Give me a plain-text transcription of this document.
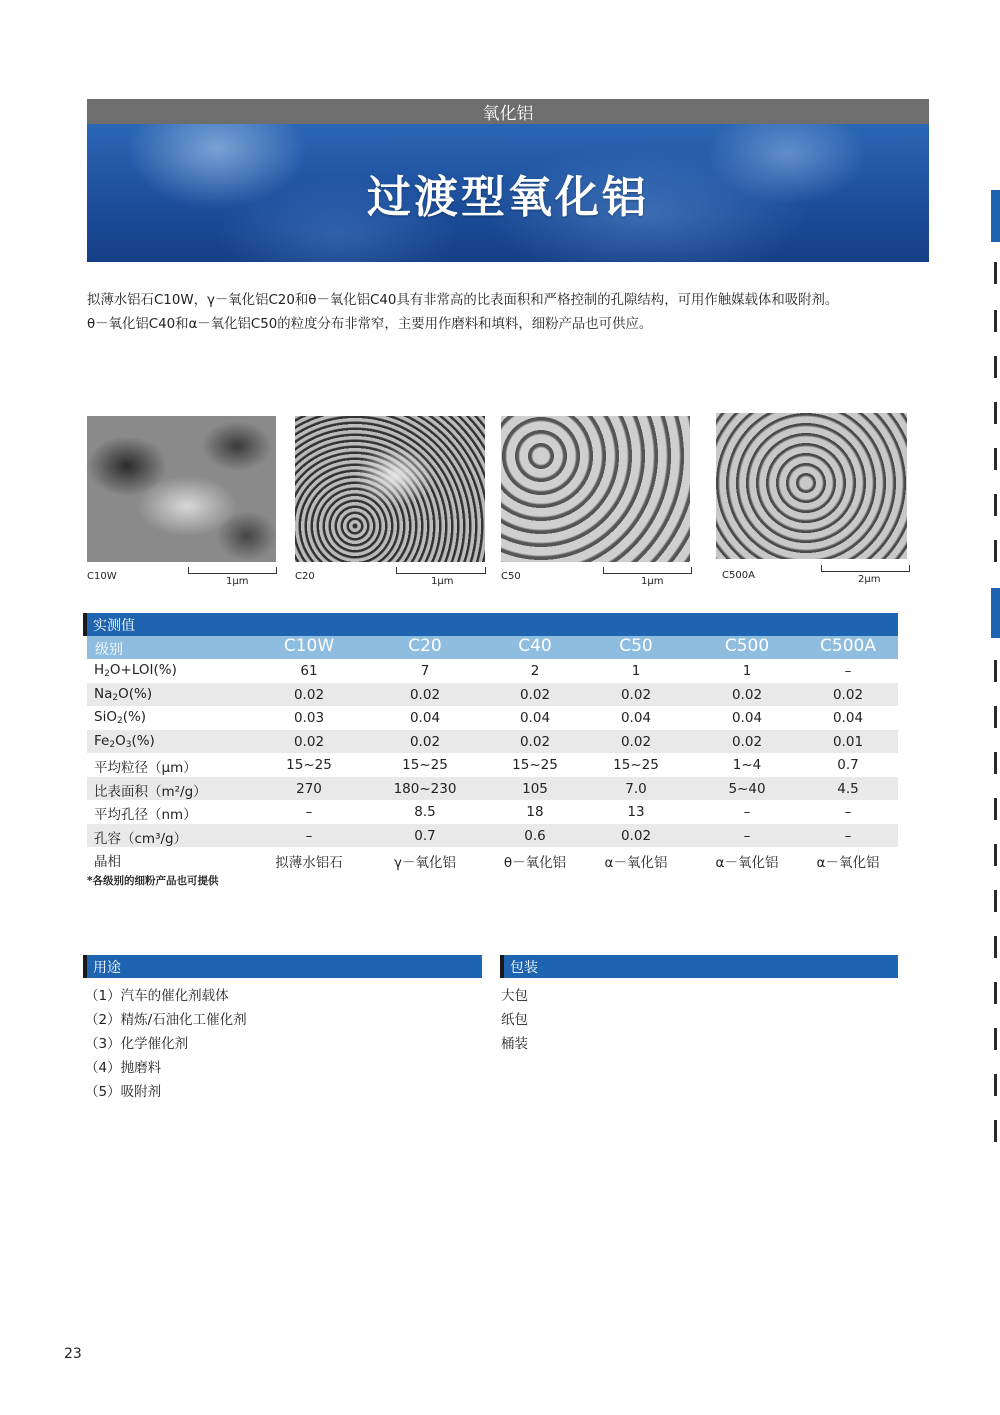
氧化铝
过渡型氧化铝
拟薄水铝石C10W，γ－氧化铝C20和θ－氧化铝C40具有非常高的比表面积和严格控制的孔隙结构，可用作触媒载体和吸附剂。
θ－氧化铝C40和α－氧化铝C50的粒度分布非常窄，主要用作磨料和填料，细粉产品也可供应。
C10W	1μm	C20	1μm	C50	1μm
C500A	2μm
实测值
级别	C10W	C20	C40	C50	C500	C500A
$H_2O+LOI(\%)$	61	7	2	1	1	–
$Na_2O(\%)$	0.02	0.02	0.02	0.02	0.02	0.02
SiO$_2$(%)	0.03	0.04	0.04	0.04	0.04	0.04
$Fe_2O_3(\%)$	0.02	0.02	0.02	0.02	0.02	0.01
平均粒径（μm）	15~25	15~25	15~25	15~25	1~4	0.7
比表面积（m²/g）	270	180~230	105	7.0	5~40	4.5
平均孔径（nm）	–	8.5	18	13	–	–
孔容（cm³/g）	–	0.7	0.6	0.02	–	–
晶相	拟薄水铝石	γ－氧化铝	θ－氧化铝	α－氧化铝	α－氧化铝	α－氧化铝
*各级别的细粉产品也可提供
用途
（1）汽车的催化剂载体
（2）精炼/石油化工催化剂
（3）化学催化剂
（4）抛磨料
（5）吸附剂
包装
大包
纸包
桶装
23
